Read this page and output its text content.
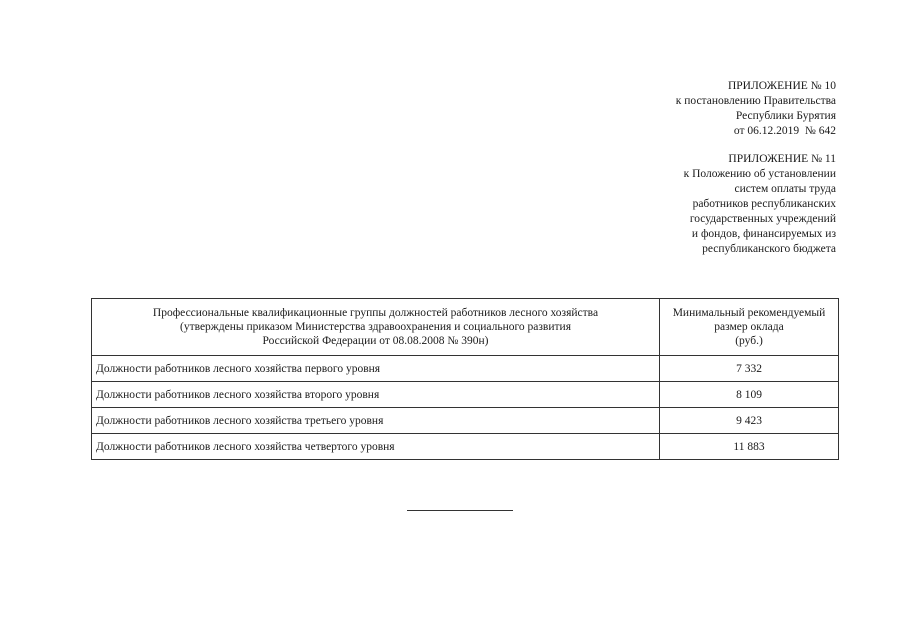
ПРИЛОЖЕНИЕ № 10
к постановлению Правительства
Республики Бурятия
от 06.12.2019  № 642
ПРИЛОЖЕНИЕ № 11
к Положению об установлении
систем оплаты труда
работников республиканских
государственных учреждений
и фондов, финансируемых из
республиканского бюджета
Профессиональные квалификационные группы должностей работников лесного хозяйства
(утверждены приказом Министерства здравоохранения и социального развития
Российской Федерации от 08.08.2008 № 390н)	Минимальный рекомендуемый
размер оклада
(руб.)

Должности работников лесного хозяйства первого уровня	7 332
Должности работников лесного хозяйства второго уровня	8 109
Должности работников лесного хозяйства третьего уровня	9 423
Должности работников лесного хозяйства четвертого уровня	11 883
